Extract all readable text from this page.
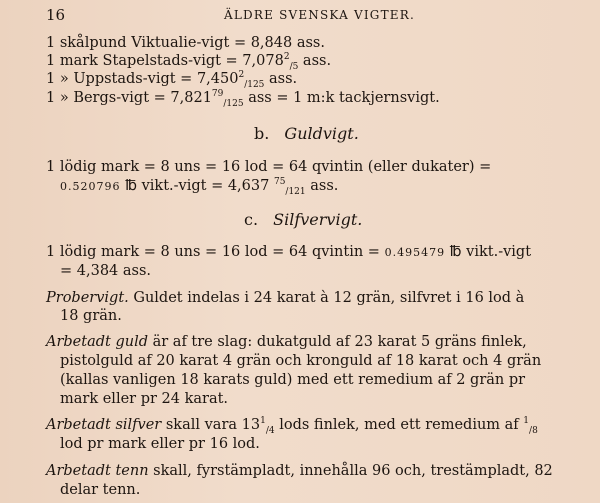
16	ÄLDRE SVENSKA VIGTER.
1 skålpund Viktualie-vigt = 8,848 ass.
1 mark Stapelstads-vigt = $7,078^2_{/5}$ ass.
1 » Uppstads-vigt = $7,450^2_{/125}$ ass.
1 » Bergs-vigt = $7,821^{79}_{/125}$ ass = 1 m:k tackjernsvigt.
b. Guldvigt.
1 lödig mark = 8 uns = 16 lod = 64 qvintin (eller dukater) =
0.520796 ℔ vikt.-vigt = 4,637 $^{75}_{/121}$ ass.
c. Silfvervigt.
1 lödig mark = 8 uns = 16 lod = 64 qvintin = 0.495479 ℔ vikt.-vigt
= 4,384 ass.
Probervigt. Guldet indelas i 24 karat à 12 grän, silfvret i 16 lod à
18 grän.
Arbetadt guld är af tre slag: dukatguld af 23 karat 5 gräns finlek,
pistolguld af 20 karat 4 grän och kronguld af 18 karat och 4 grän
(kallas vanligen 18 karats guld) med ett remedium af 2 grän pr
mark eller pr 24 karat.
Arbetadt silfver skall vara $13^1_{/4}$ lods finlek, med ett remedium af $^1_{/8}$
lod pr mark eller pr 16 lod.
Arbetadt tenn skall, fyrstämpladt, innehålla 96 och, trestämpladt, 82
delar tenn.
